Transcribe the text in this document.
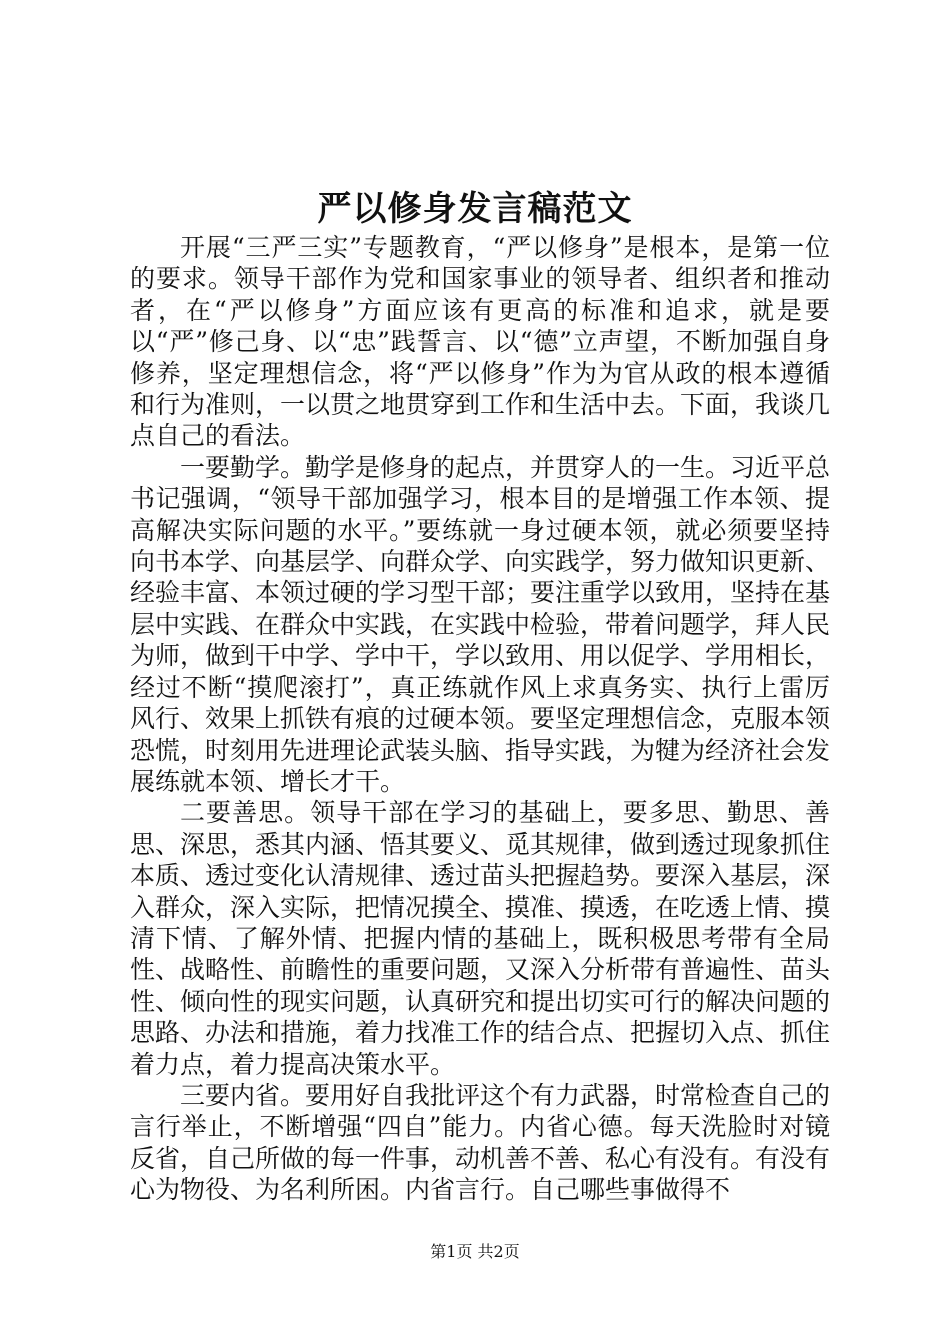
严以修身发言稿范文

开展“三严三实”专题教育，“严以修身”是根本，是第一位的要求。领导干部作为党和国家事业的领导者、组织者和推动者，在“严以修身”方面应该有更高的标准和追求，就是要以“严”修己身、以“忠”践誓言、以“德”立声望，不断加强自身修养，坚定理想信念，将“严以修身”作为为官从政的根本遵循和行为准则，一以贯之地贯穿到工作和生活中去。下面，我谈几点自己的看法。

一要勤学。勤学是修身的起点，并贯穿人的一生。习近平总书记强调，“领导干部加强学习，根本目的是增强工作本领、提高解决实际问题的水平。”要练就一身过硬本领，就必须要坚持向书本学、向基层学、向群众学、向实践学，努力做知识更新、经验丰富、本领过硬的学习型干部；要注重学以致用，坚持在基层中实践、在群众中实践，在实践中检验，带着问题学，拜人民为师，做到干中学、学中干，学以致用、用以促学、学用相长，经过不断“摸爬滚打”，真正练就作风上求真务实、执行上雷厉风行、效果上抓铁有痕的过硬本领。要坚定理想信念，克服本领恐慌，时刻用先进理论武装头脑、指导实践，为犍为经济社会发展练就本领、增长才干。

二要善思。领导干部在学习的基础上，要多思、勤思、善思、深思，悉其内涵、悟其要义、觅其规律，做到透过现象抓住本质、透过变化认清规律、透过苗头把握趋势。要深入基层，深入群众，深入实际，把情况摸全、摸准、摸透，在吃透上情、摸清下情、了解外情、把握内情的基础上，既积极思考带有全局性、战略性、前瞻性的重要问题，又深入分析带有普遍性、苗头性、倾向性的现实问题，认真研究和提出切实可行的解决问题的思路、办法和措施，着力找准工作的结合点、把握切入点、抓住着力点，着力提高决策水平。

三要内省。要用好自我批评这个有力武器，时常检查自己的言行举止，不断增强“四自”能力。内省心德。每天洗脸时对镜反省，自己所做的每一件事，动机善不善、私心有没有。有没有心为物役、为名利所困。内省言行。自己哪些事做得不

第1页 共2页
